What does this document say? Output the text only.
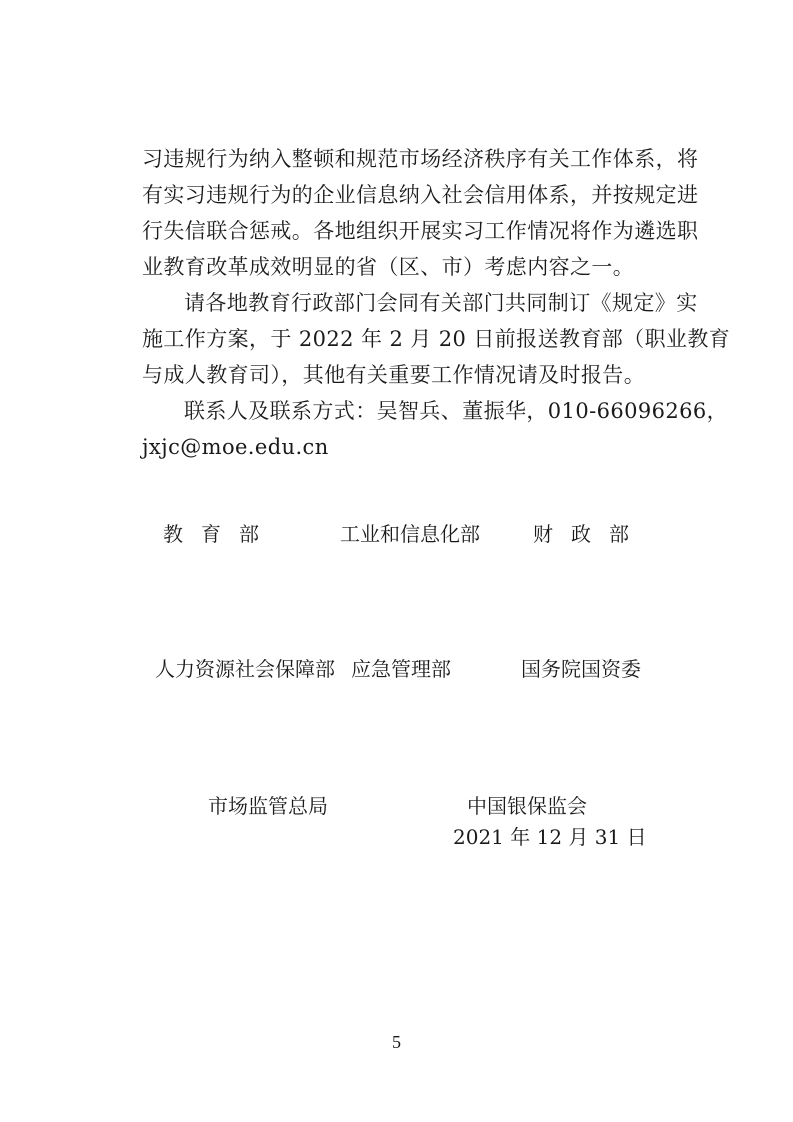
习违规行为纳入整顿和规范市场经济秩序有关工作体系，将
有实习违规行为的企业信息纳入社会信用体系，并按规定进
行失信联合惩戒。各地组织开展实习工作情况将作为遴选职
业教育改革成效明显的省（区、市）考虑内容之一。
请各地教育行政部门会同有关部门共同制订《规定》实
施工作方案，于 2022 年 2 月 20 日前报送教育部（职业教育
与成人教育司），其他有关重要工作情况请及时报告。
联系人及联系方式：吴智兵、董振华，010-66096266，
jxjc@moe.edu.cn
教育部	工业和信息化部	财政部
人力资源社会保障部 应急管理部	国务院国资委
市场监管总局	中国银保监会
2021 年 12 月 31 日
5
